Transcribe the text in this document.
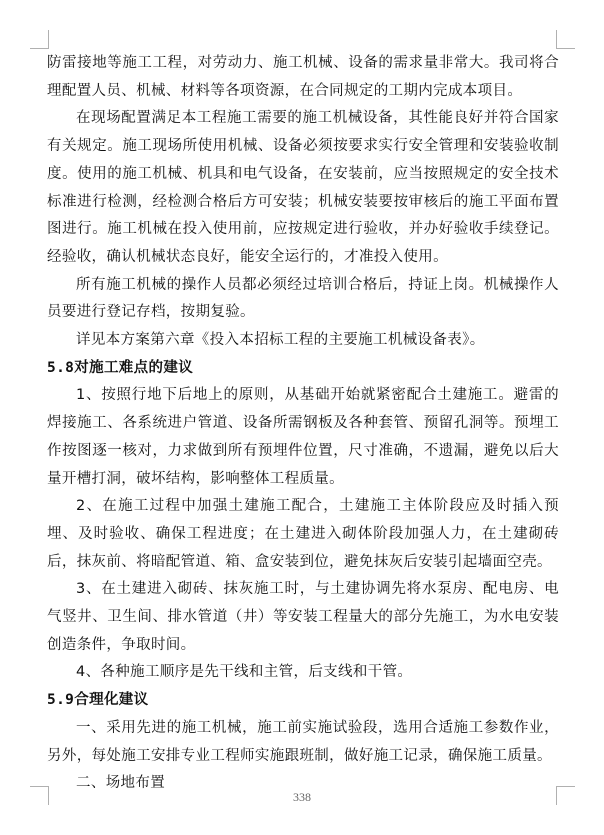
防雷接地等施工工程，对劳动力、施工机械、设备的需求量非常大。我司将合理配置人员、机械、材料等各项资源，在合同规定的工期内完成本项目。

在现场配置满足本工程施工需要的施工机械设备，其性能良好并符合国家有关规定。施工现场所使用机械、设备必须按要求实行安全管理和安装验收制度。使用的施工机械、机具和电气设备，在安装前，应当按照规定的安全技术标准进行检测，经检测合格后方可安装；机械安装要按审核后的施工平面布置图进行。施工机械在投入使用前，应按规定进行验收，并办好验收手续登记。经验收，确认机械状态良好，能安全运行的，才准投入使用。

所有施工机械的操作人员都必须经过培训合格后，持证上岗。机械操作人员要进行登记存档，按期复验。

详见本方案第六章《投入本招标工程的主要施工机械设备表》。

5.8对施工难点的建议

1、按照行地下后地上的原则，从基础开始就紧密配合土建施工。避雷的焊接施工、各系统进户管道、设备所需钢板及各种套管、预留孔洞等。预埋工作按图逐一核对，力求做到所有预埋件位置，尺寸准确，不遗漏，避免以后大量开槽打洞，破坏结构，影响整体工程质量。

2、在施工过程中加强土建施工配合，土建施工主体阶段应及时插入预埋、及时验收、确保工程进度；在土建进入砌体阶段加强人力，在土建砌砖后，抹灰前、将暗配管道、箱、盒安装到位，避免抹灰后安装引起墙面空壳。

3、在土建进入砌砖、抹灰施工时，与土建协调先将水泵房、配电房、电气竖井、卫生间、排水管道（井）等安装工程量大的部分先施工，为水电安装创造条件，争取时间。

4、各种施工顺序是先干线和主管，后支线和干管。

5.9合理化建议

一、采用先进的施工机械，施工前实施试验段，选用合适施工参数作业，另外，每处施工安排专业工程师实施跟班制，做好施工记录，确保施工质量。

二、场地布置

338
